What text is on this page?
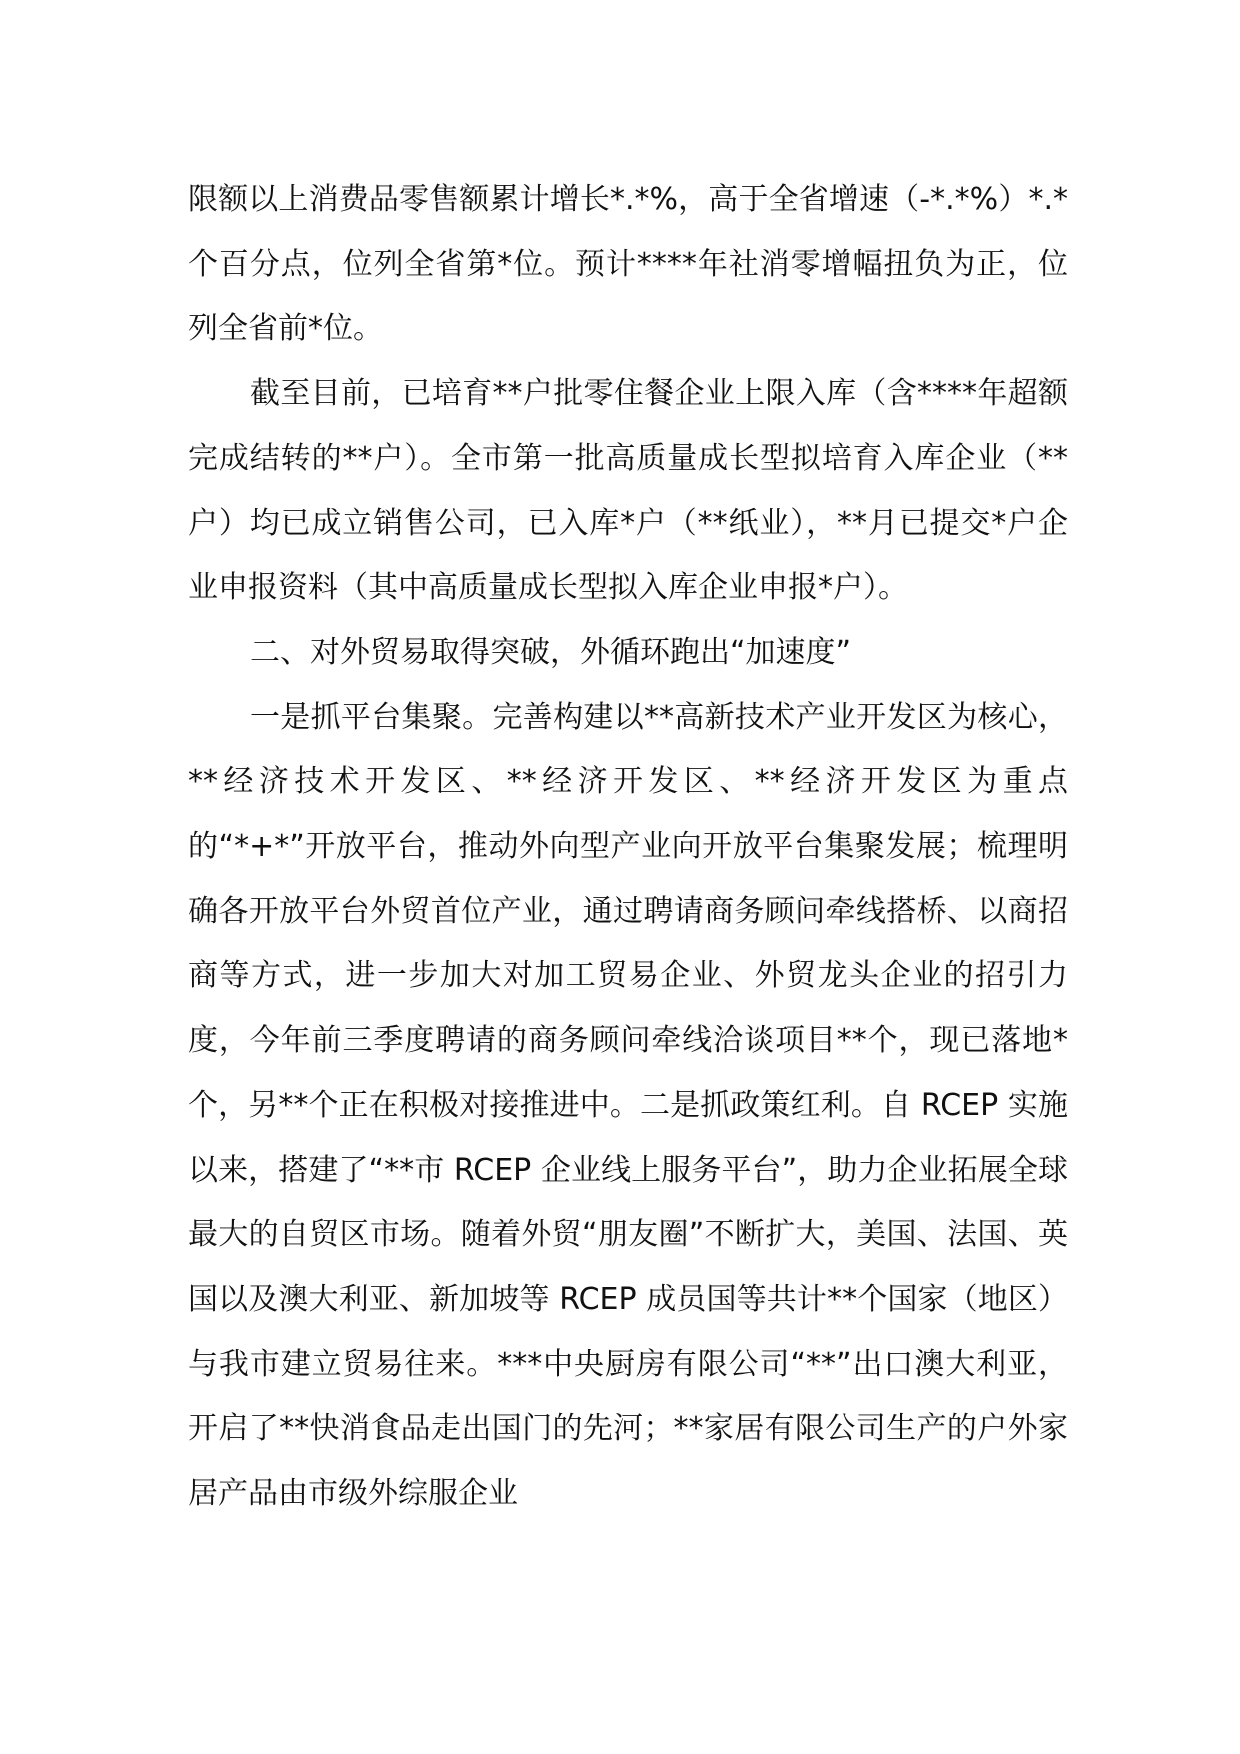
限额以上消费品零售额累计增长*.*%，高于全省增速（-*.*%）*.*个百分点，位列全省第*位。预计****年社消零增幅扭负为正，位列全省前*位。

截至目前，已培育**户批零住餐企业上限入库（含****年超额完成结转的**户）。全市第一批高质量成长型拟培育入库企业（**户）均已成立销售公司，已入库*户（**纸业），**月已提交*户企业申报资料（其中高质量成长型拟入库企业申报*户）。

二、对外贸易取得突破，外循环跑出“加速度”

一是抓平台集聚。完善构建以**高新技术产业开发区为核心，**经济技术开发区、**经济开发区、**经济开发区为重点的“*+*”开放平台，推动外向型产业向开放平台集聚发展；梳理明确各开放平台外贸首位产业，通过聘请商务顾问牵线搭桥、以商招商等方式，进一步加大对加工贸易企业、外贸龙头企业的招引力度，今年前三季度聘请的商务顾问牵线洽谈项目**个，现已落地*个，另**个正在积极对接推进中。二是抓政策红利。自 RCEP 实施以来，搭建了“**市 RCEP 企业线上服务平台”，助力企业拓展全球最大的自贸区市场。随着外贸“朋友圈”不断扩大，美国、法国、英国以及澳大利亚、新加坡等 RCEP 成员国等共计**个国家（地区）与我市建立贸易往来。***中央厨房有限公司“**”出口澳大利亚，开启了**快消食品走出国门的先河；**家居有限公司生产的户外家居产品由市级外综服企业
